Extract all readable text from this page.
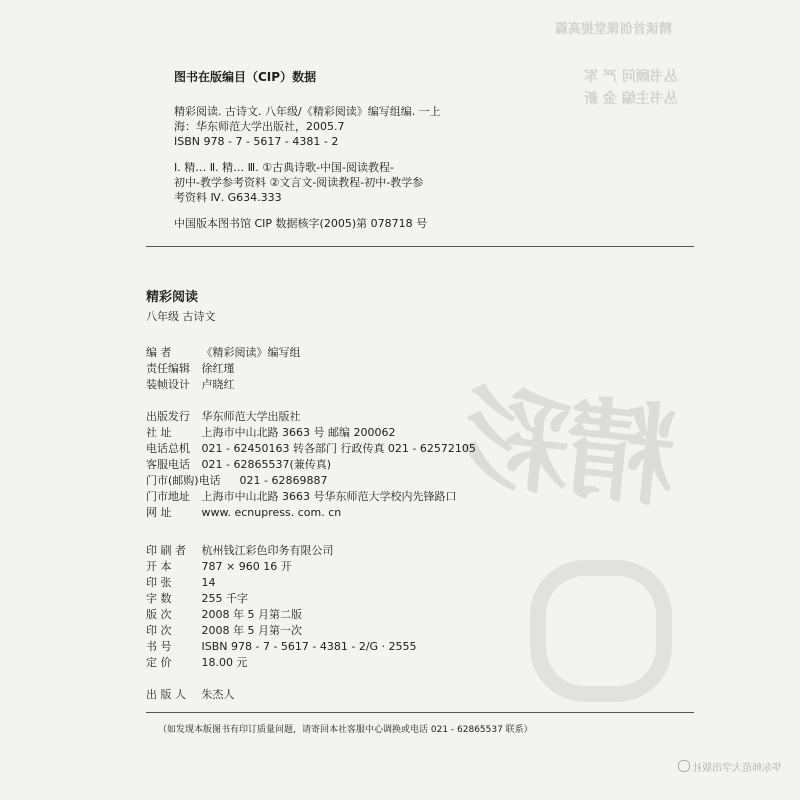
精读首创课堂提高篇
丛书顾问 严 军
丛书主编 金 新
精彩
图书在版编目（CIP）数据
精彩阅读. 古诗文. 八年级/《精彩阅读》编写组编. 一上
海：华东师范大学出版社，2005.7
ISBN 978 - 7 - 5617 - 4381 - 2
Ⅰ. 精… Ⅱ. 精… Ⅲ. ①古典诗歌-中国-阅读教程-
初中-教学参考资料 ②文言文-阅读教程-初中-教学参
考资料 Ⅳ. G634.333
中国版本图书馆 CIP 数据核字(2005)第 078718 号
精彩阅读
八年级 古诗文
编 者	《精彩阅读》编写组
责任编辑 徐红瑾
装帧设计 卢晓红
出版发行 华东师范大学出版社
社 址	上海市中山北路 3663 号 邮编 200062
电话总机 021 - 62450163 转各部门 行政传真 021 - 62572105
客服电话 021 - 62865537(兼传真)
门市(邮购)电话 021 - 62869887
门市地址 上海市中山北路 3663 号华东师范大学校内先锋路口
网 址	www. ecnupress. com. cn
印 刷 者 杭州钱江彩色印务有限公司
开 本	787 × 960 16 开
印 张	14
字 数	255 千字
版 次	2008 年 5 月第二版
印 次	2008 年 5 月第一次
书 号	ISBN 978 - 7 - 5617 - 4381 - 2/G · 2555
定 价	18.00 元
出 版 人 朱杰人
（如发现本版图书有印订质量问题，请寄回本社客服中心调换或电话 021 - 62865537 联系）
华东师范大学出版社
